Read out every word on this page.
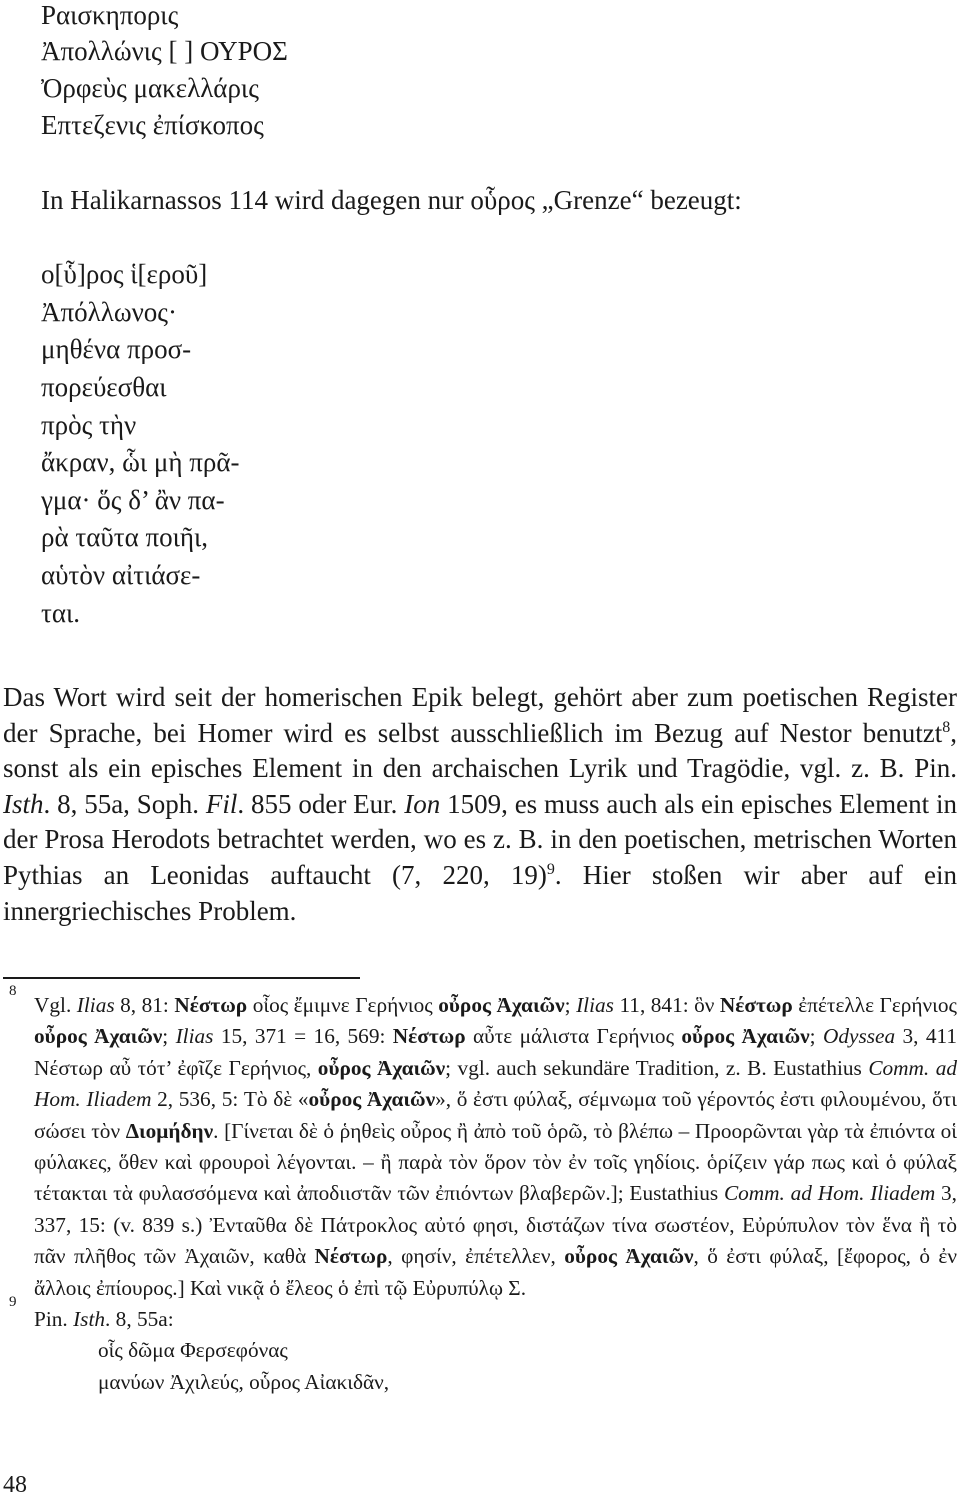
Ραισκηπορις
Ἀπολλώνις [ ] ΟΥΡΟΣ
Ὀρφεὺς μακελλάρις
Επτεζενις ἐπίσκοπος
In Halikarnassos 114 wird dagegen nur οὗρος „Grenze“ bezeugt:
ο[ὗ]ρος ἱ[εροῦ]
Ἀπόλλωνος·
μηθένα προσ-
πορεύεσθαι
πρὸς τὴν
ἄκραν, ὧι μὴ πρᾶ-
γμα· ὅς δ’ ἂν πα-
ρὰ ταῦτα ποιῆι,
αὑτὸν αἰτιάσε-
ται.

Das Wort wird seit der homerischen Epik belegt, gehört aber zum poetischen Register der Sprache, bei Homer wird es selbst ausschließlich im Bezug auf Nestor benutzt$^8$, sonst als ein episches Element in den archaischen Lyrik und Tragödie, vgl. z. B. Pin. Isth. 8, 55a, Soph. Fil. 855 oder Eur. Ion 1509, es muss auch als ein episches Element in der Prosa Herodots betrachtet werden, wo es z. B. in den poetischen, metrischen Worten Pythias an Leonidas auftaucht (7, 220, 19)$^9$. Hier stoßen wir aber auf ein innergriechisches Problem.

8
Vgl. Ilias 8, 81: Νέστωρ οἶος ἔμιμνε Γερήνιος οὖρος Ἀχαιῶν; Ilias 11, 841: ὃν Νέστωρ ἐπέτελλε Γερήνιος οὖρος Ἀχαιῶν; Ilias 15, 371 = 16, 569: Νέστωρ αὖτε μάλιστα Γερήνιος οὖρος Ἀχαιῶν; Odyssea 3, 411 Νέστωρ αὖ τότ’ ἐφῖζε Γερήνιος, οὖρος Ἀχαιῶν; vgl. auch sekundäre Tradition, z. B. Eustathius Comm. ad Hom. Iliadem 2, 536, 5: Τὸ δὲ «οὖρος Ἀχαιῶν», ὅ ἐστι φύλαξ, σέμνωμα τοῦ γέροντός ἐστι φιλουμένου, ὅτι σώσει τὸν Διομήδην. [Γίνεται δὲ ὁ ῥηθεὶς οὖρος ἢ ἀπὸ τοῦ ὁρῶ, τὸ βλέπω – Προορῶνται γὰρ τὰ ἐπιόντα οἱ φύλακες, ὅθεν καὶ φρουροὶ λέγονται. – ἢ παρὰ τὸν ὅρον τὸν ἐν τοῖς γηδίοις. ὁρίζειν γάρ πως καὶ ὁ φύλαξ τέτακται τὰ φυλασσόμενα καὶ ἀποδιιστᾶν τῶν ἐπιόντων βλαβερῶν.]; Eustathius Comm. ad Hom. Iliadem 3, 337, 15: (v. 839 s.) Ἐνταῦθα δὲ Πάτροκλος αὐτό φησι, διστάζων τίνα σωστέον, Εὐρύπυλον τὸν ἕνα ἢ τὸ πᾶν πλῆθος τῶν Ἀχαιῶν, καθὰ Νέστωρ, φησίν, ἐπέτελλεν, οὖρος Ἀχαιῶν, ὅ ἐστι φύλαξ, [ἔφορος, ὁ ἐν ἄλλοις ἐπίουρος.] Καὶ νικᾷ ὁ ἔλεος ὁ ἐπὶ τῷ Εὐρυπύλῳ Σ.

9
Pin. Isth. 8, 55a:

οἷς δῶμα Φερσεφόνας

μανύων Ἀχιλεύς, οὗρος Αἰακιδᾶν,

48
